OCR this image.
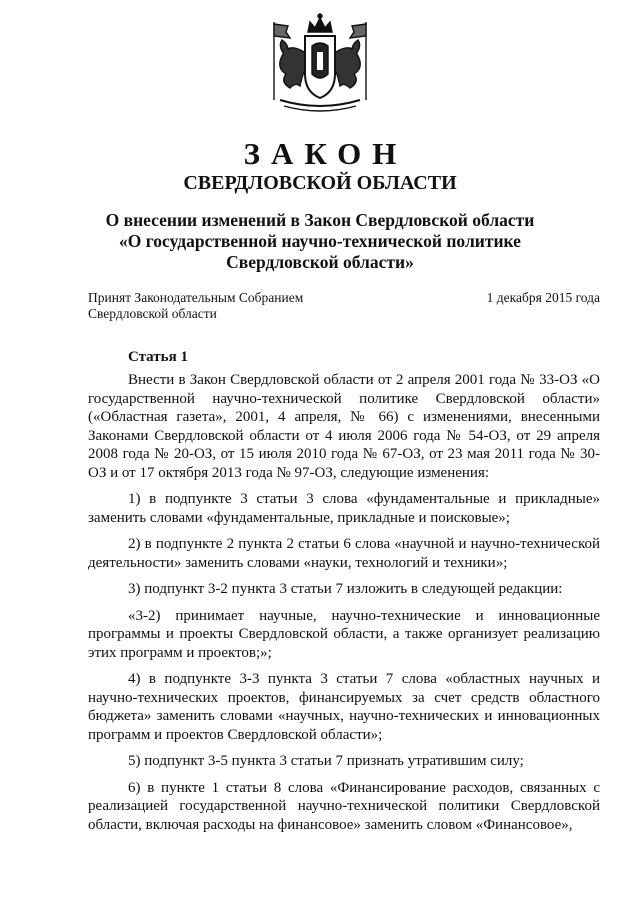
ЗАКОН
СВЕРДЛОВСКОЙ ОБЛАСТИ
О внесении изменений в Закон Свердловской области
«О государственной научно-технической политике
Свердловской области»
Принят Законодательным Собранием
Свердловской области
1 декабря 2015 года
Статья 1

Внести в Закон Свердловской области от 2 апреля 2001 года № 33-ОЗ «О государственной научно-технической политике Свердловской области» («Областная газета», 2001, 4 апреля, № 66) с изменениями, внесенными Законами Свердловской области от 4 июля 2006 года № 54-ОЗ, от 29 апреля 2008 года № 20-ОЗ, от 15 июля 2010 года № 67-ОЗ, от 23 мая 2011 года № 30-ОЗ и от 17 октября 2013 года № 97-ОЗ, следующие изменения:

1) в подпункте 3 статьи 3 слова «фундаментальные и прикладные» заменить словами «фундаментальные, прикладные и поисковые»;

2) в подпункте 2 пункта 2 статьи 6 слова «научной и научно-технической деятельности» заменить словами «науки, технологий и техники»;

3) подпункт 3-2 пункта 3 статьи 7 изложить в следующей редакции:

«3-2) принимает научные, научно-технические и инновационные программы и проекты Свердловской области, а также организует реализацию этих программ и проектов;»;

4) в подпункте 3-3 пункта 3 статьи 7 слова «областных научных и научно-технических проектов, финансируемых за счет средств областного бюджета» заменить словами «научных, научно-технических и инновационных программ и проектов Свердловской области»;

5) подпункт 3-5 пункта 3 статьи 7 признать утратившим силу;

6) в пункте 1 статьи 8 слова «Финансирование расходов, связанных с реализацией государственной научно-технической политики Свердловской области, включая расходы на финансовое» заменить словом «Финансовое»,
